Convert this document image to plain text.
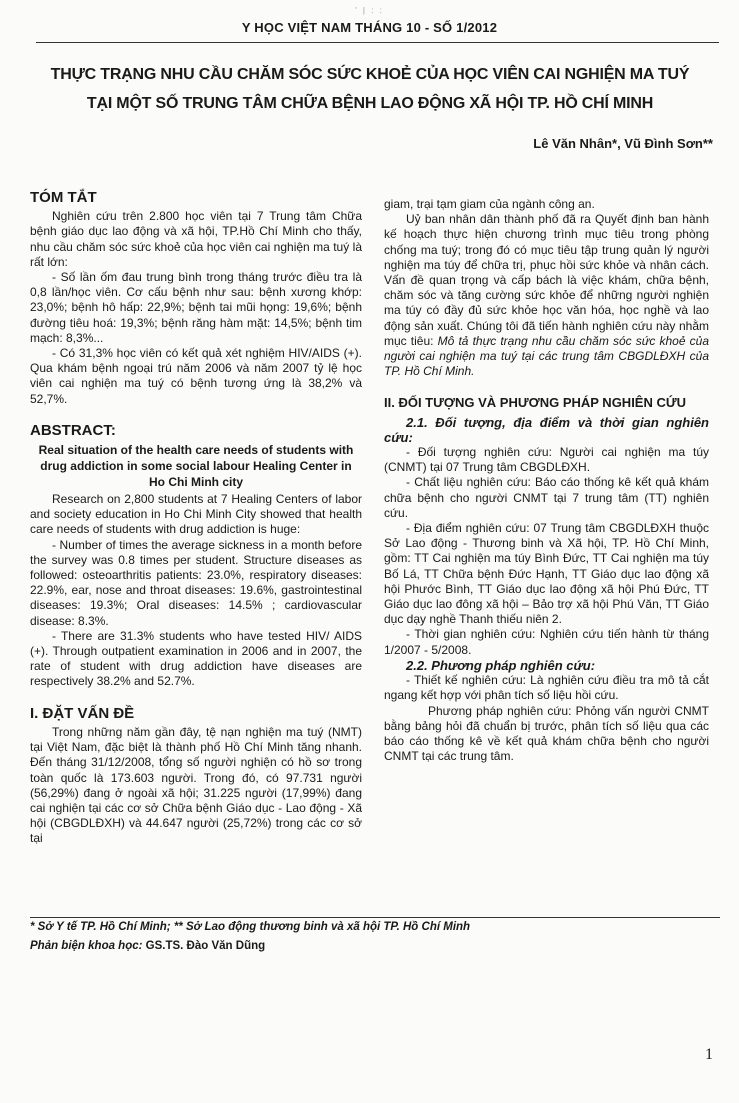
' | : :
Y HỌC VIỆT NAM THÁNG 10 - SỐ 1/2012
THỰC TRẠNG NHU CẦU CHĂM SÓC SỨC KHOẺ CỦA HỌC VIÊN CAI NGHIỆN MA TUÝ
TẠI MỘT SỐ TRUNG TÂM CHỮA BỆNH LAO ĐỘNG XÃ HỘI TP. HỒ CHÍ MINH
Lê Văn Nhân*, Vũ Đình Sơn**
TÓM TẮT

Nghiên cứu trên 2.800 học viên tại 7 Trung tâm Chữa bệnh giáo dục lao động và xã hội, TP.Hồ Chí Minh cho thấy, nhu cầu chăm sóc sức khoẻ của học viên cai nghiện ma tuý là rất lớn:

- Số lần ốm đau trung bình trong tháng trước điều tra là 0,8 lần/học viên. Cơ cấu bệnh như sau: bệnh xương khớp: 23,0%; bệnh hô hấp: 22,9%; bệnh tai mũi họng: 19,6%; bệnh đường tiêu hoá: 19,3%; bệnh răng hàm mặt: 14,5%; bệnh tim mạch: 8,3%...

- Có 31,3% học viên có kết quả xét nghiệm HIV/AIDS (+). Qua khám bệnh ngoại trú năm 2006 và năm 2007 tỷ lệ học viên cai nghiện ma tuý có bệnh tương ứng là 38,2% và 52,7%.

ABSTRACT:

Real situation of the health care needs of students with drug addiction in some social labour Healing Center in Ho Chi Minh city

Research on 2,800 students at 7 Healing Centers of labor and society education in Ho Chi Minh City showed that health care needs of students with drug addiction is huge:

- Number of times the average sickness in a month before the survey was 0.8 times per student. Structure diseases as followed: osteoarthritis patients: 23.0%, respiratory diseases: 22.9%, ear, nose and throat diseases: 19.6%, gastrointestinal diseases: 19.3%; Oral diseases: 14.5% ; cardiovascular disease: 8.3%.

- There are 31.3% students who have tested HIV/ AIDS (+). Through outpatient examination in 2006 and in 2007, the rate of student with drug addiction have diseases are respectively 38.2% and 52.7%.

I. ĐẶT VẤN ĐỀ

Trong những năm gần đây, tệ nạn nghiện ma tuý (NMT) tại Việt Nam, đặc biệt là thành phố Hồ Chí Minh tăng nhanh. Đến tháng 31/12/2008, tổng số người nghiện có hồ sơ trong toàn quốc là 173.603 người. Trong đó, có 97.731 người (56,29%) đang ở ngoài xã hội; 31.225 người (17,99%) đang cai nghiện tại các cơ sở Chữa bệnh Giáo dục - Lao động - Xã hội (CBGDLĐXH) và 44.647 người (25,72%) trong các cơ sở tại

giam, trại tạm giam của ngành công an.

Uỷ ban nhân dân thành phố đã ra Quyết định ban hành kế hoạch thực hiện chương trình mục tiêu trong phòng chống ma tuý; trong đó có mục tiêu tập trung quản lý người nghiện ma túy để chữa trị, phục hồi sức khỏe và nhân cách. Vấn đề quan trọng và cấp bách là việc khám, chữa bệnh, chăm sóc và tăng cường sức khỏe để những người nghiện ma túy có đầy đủ sức khỏe học văn hóa, học nghề và lao động sản xuất. Chúng tôi đã tiến hành nghiên cứu này nhằm mục tiêu: Mô tả thực trạng nhu cầu chăm sóc sức khoẻ của người cai nghiện ma tuý tại các trung tâm CBGDLĐXH của TP. Hồ Chí Minh.

II. ĐỐI TƯỢNG VÀ PHƯƠNG PHÁP NGHIÊN CỨU

2.1. Đối tượng, địa điểm và thời gian nghiên cứu:

- Đối tượng nghiên cứu: Người cai nghiện ma túy (CNMT) tại 07 Trung tâm CBGDLĐXH.

- Chất liệu nghiên cứu: Báo cáo thống kê kết quả khám chữa bệnh cho người CNMT tại 7 trung tâm (TT) nghiên cứu.

- Địa điểm nghiên cứu: 07 Trung tâm CBGDLĐXH thuộc Sở Lao động - Thương binh và Xã hội, TP. Hồ Chí Minh, gồm: TT Cai nghiện ma túy Bình Đức, TT Cai nghiện ma túy Bố Lá, TT Chữa bệnh Đức Hạnh, TT Giáo dục lao động xã hội Phước Bình, TT Giáo dục lao động xã hội Phú Đức, TT Giáo dục lao đông xã hội – Bảo trợ xã hội Phú Văn, TT Giáo dục dạy nghề Thanh thiếu niên 2.

- Thời gian nghiên cứu: Nghiên cứu tiến hành từ tháng 1/2007 - 5/2008.

2.2. Phương pháp nghiên cứu:

- Thiết kế nghiên cứu: Là nghiên cứu điều tra mô tả cắt ngang kết hợp với phân tích số liệu hồi cứu.

Phương pháp nghiên cứu: Phỏng vấn người CNMT bằng bảng hỏi đã chuẩn bị trước, phân tích số liệu qua các báo cáo thống kê về kết quả khám chữa bệnh cho người CNMT tại các trung tâm.

* Sở Y tế TP. Hồ Chí Minh; ** Sở Lao động thương binh và xã hội TP. Hồ Chí Minh
Phản biện khoa học: GS.TS. Đào Văn Dũng
1
